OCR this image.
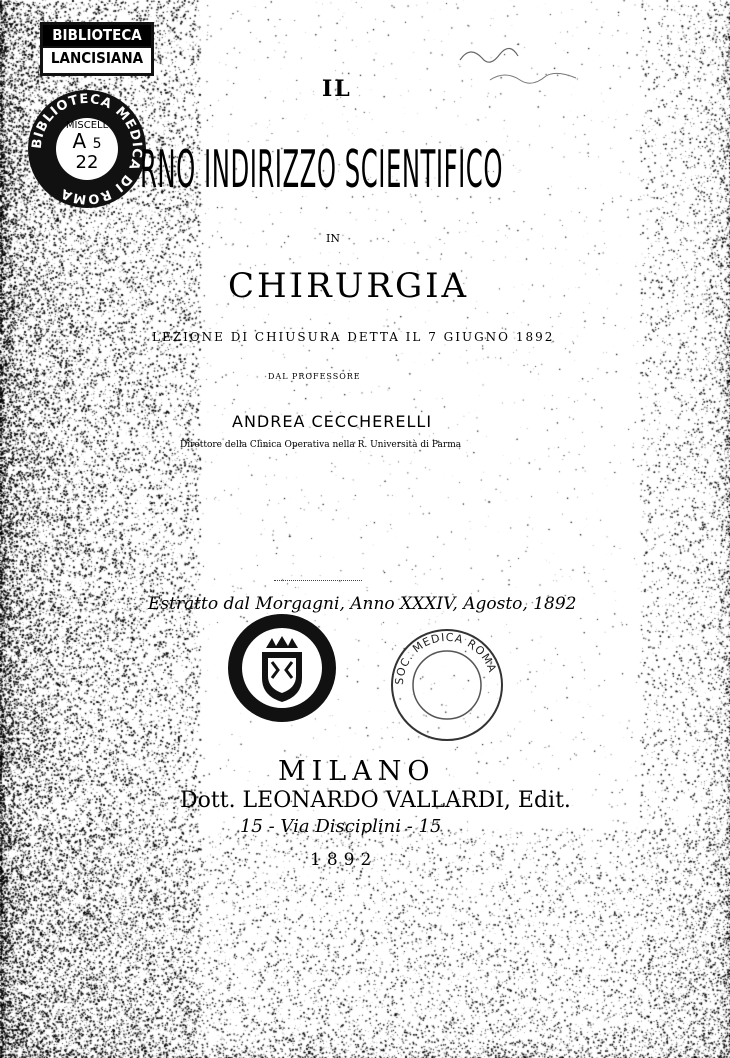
BIBLIOTECA
LANCISIANA
BIBLIOTECA MEDICA DI ROMA
MISCELL
A 5
22
IL
RNO INDIRIZZO SCIENTIFICO
IN
CHIRURGIA
LEZIONE DI CHIUSURA DETTA IL 7 GIUGNO 1892
DAL PROFESSORE
ANDREA CECCHERELLI
Direttore della Clinica Operativa nella R. Università di Parma
Estratto dal Morgagni, Anno XXXIV, Agosto, 1892
SOC. MEDICA ROMA
MILANO
Dott. LEONARDO VALLARDI, Edit.
15 - Via Disciplini - 15
1892
